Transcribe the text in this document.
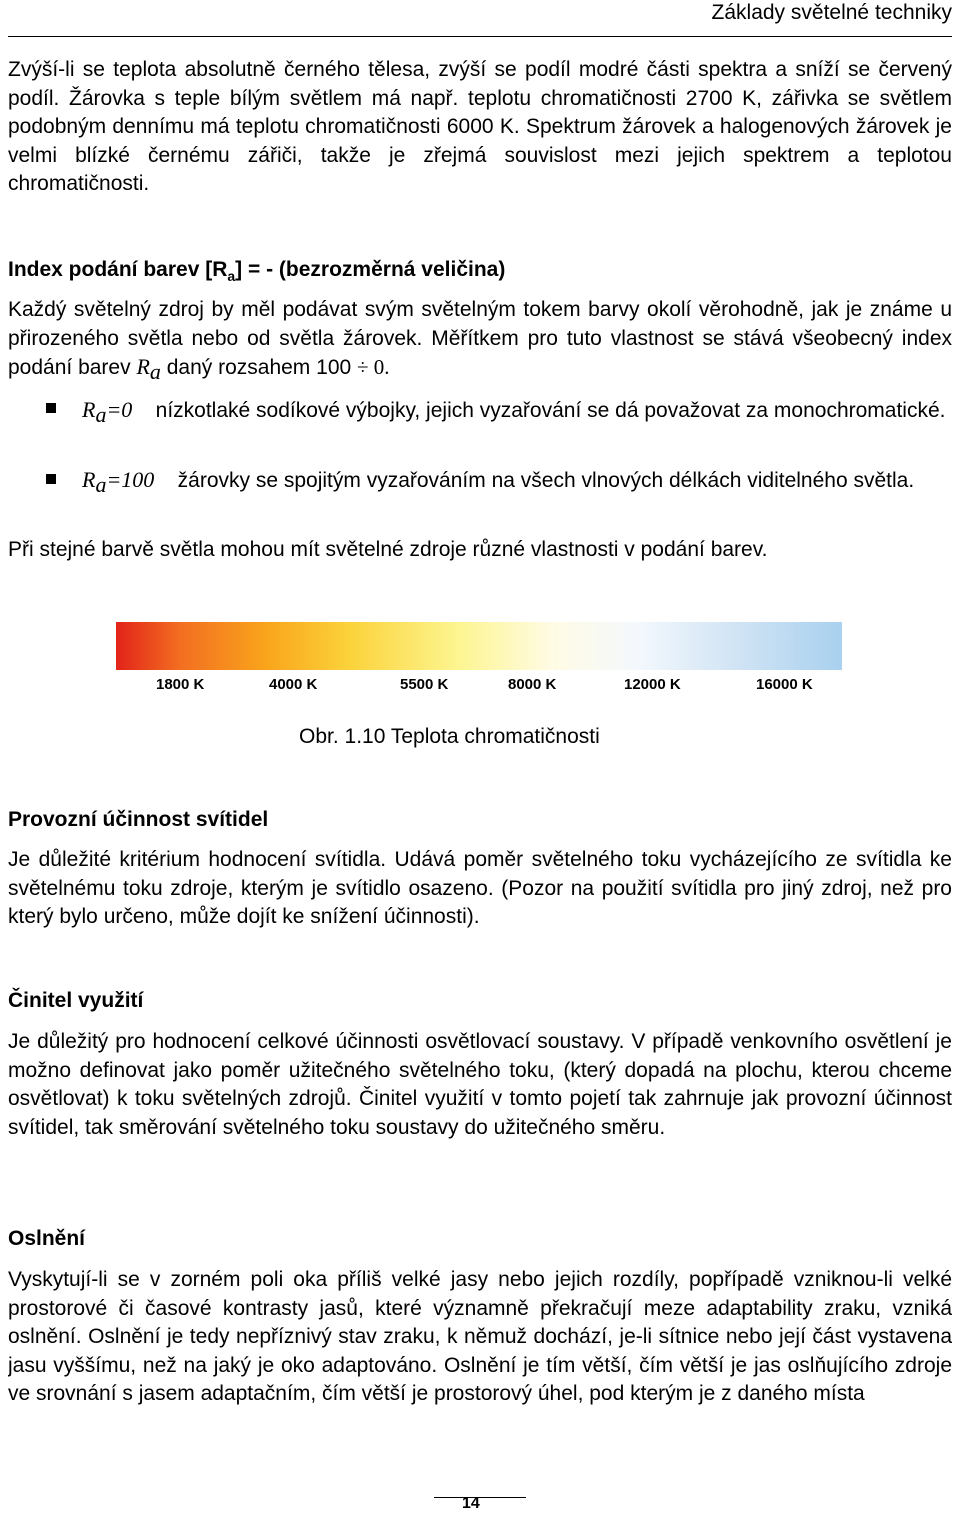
Základy světelné techniky
Zvýší-li se teplota absolutně černého tělesa, zvýší se podíl modré části spektra a sníží se červený podíl. Žárovka s teple bílým světlem má např. teplotu chromatičnosti 2700 K, zářivka se světlem podobným dennímu má teplotu chromatičnosti 6000 K. Spektrum žárovek a halogenových žárovek je velmi blízké černému zářiči, takže je zřejmá souvislost mezi jejich spektrem a teplotou chromatičnosti.
Index podání barev $[R_a]$ = - (bezrozměrná veličina)
Každý světelný zdroj by měl podávat svým světelným tokem barvy okolí věrohodně, jak je známe u přirozeného světla nebo od světla žárovek. Měřítkem pro tuto vlastnost se stává všeobecný index podání barev $R_a$ daný rozsahem 100 ÷ 0.
$R_a=0$ nízkotlaké sodíkové výbojky, jejich vyzařování se dá považovat za monochromatické.
$R_a=100$ žárovky se spojitým vyzařováním na všech vlnových délkách viditelného světla.
Při stejné barvě světla mohou mít světelné zdroje různé vlastnosti v podání barev.
1800 K	4000 K	5500 K	8000 K	12000 K	16000 K
Obr. 1.10 Teplota chromatičnosti
Provozní účinnost svítidel
Je důležité kritérium hodnocení svítidla. Udává poměr světelného toku vycházejícího ze svítidla ke světelnému toku zdroje, kterým je svítidlo osazeno. (Pozor na použití svítidla pro jiný zdroj, než pro který bylo určeno, může dojít ke snížení účinnosti).
Činitel využití
Je důležitý pro hodnocení celkové účinnosti osvětlovací soustavy. V případě venkovního osvětlení je možno definovat jako poměr užitečného světelného toku, (který dopadá na plochu, kterou chceme osvětlovat) k toku světelných zdrojů. Činitel využití v tomto pojetí tak zahrnuje jak provozní účinnost svítidel, tak směrování světelného toku soustavy do užitečného směru.
Oslnění
Vyskytují-li se v zorném poli oka příliš velké jasy nebo jejich rozdíly, popřípadě vzniknou-li velké prostorové či časové kontrasty jasů, které významně překračují meze adaptability zraku, vzniká oslnění. Oslnění je tedy nepříznivý stav zraku, k němuž dochází, je-li sítnice nebo její část vystavena jasu vyššímu, než na jaký je oko adaptováno. Oslnění je tím větší, čím větší je jas oslňujícího zdroje ve srovnání s jasem adaptačním, čím větší je prostorový úhel, pod kterým je z daného místa
14
